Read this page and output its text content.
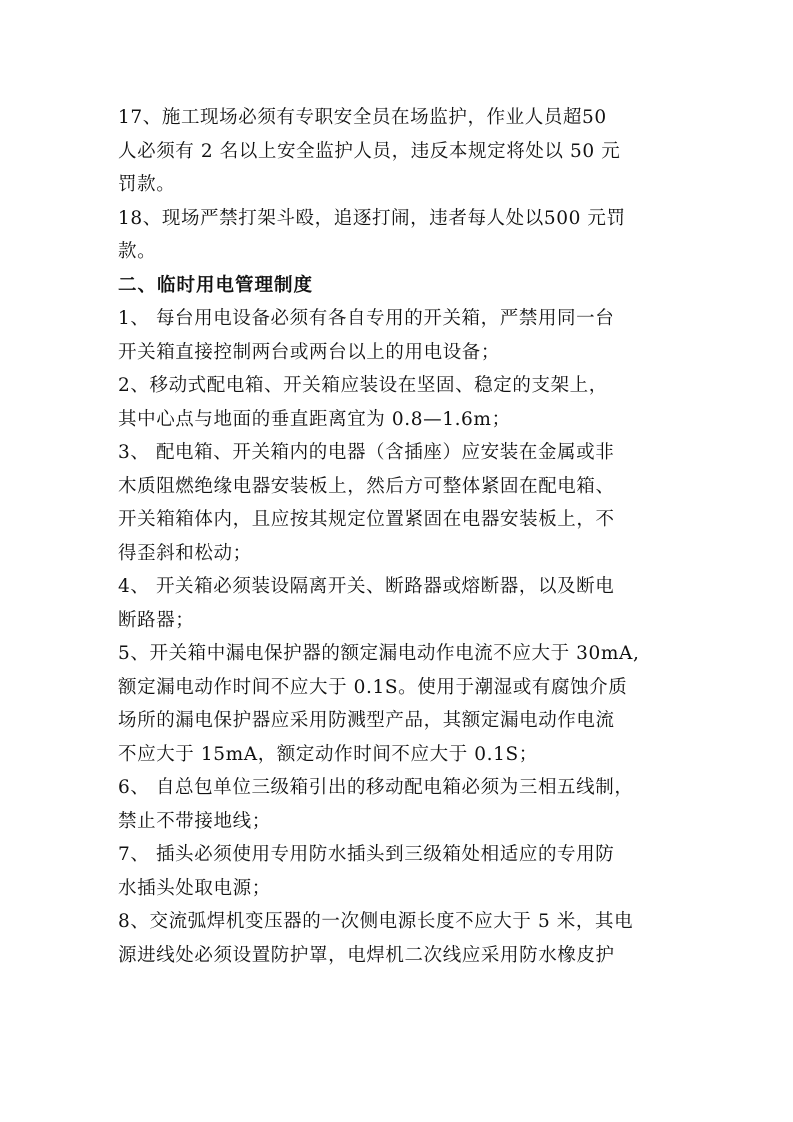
17、施工现场必须有专职安全员在场监护，作业人员超50
人必须有 2 名以上安全监护人员，违反本规定将处以 50 元
罚款。
18、现场严禁打架斗殴，追逐打闹，违者每人处以500 元罚
款。
二、临时用电管理制度
1、 每台用电设备必须有各自专用的开关箱，严禁用同一台
开关箱直接控制两台或两台以上的用电设备；
2、移动式配电箱、开关箱应装设在坚固、稳定的支架上，
其中心点与地面的垂直距离宜为 0.8—1.6m；
3、 配电箱、开关箱内的电器（含插座）应安装在金属或非
木质阻燃绝缘电器安装板上，然后方可整体紧固在配电箱、
开关箱箱体内，且应按其规定位置紧固在电器安装板上，不
得歪斜和松动；
4、 开关箱必须装设隔离开关、断路器或熔断器，以及断电
断路器；
5、开关箱中漏电保护器的额定漏电动作电流不应大于 30mA,
额定漏电动作时间不应大于 0.1S。使用于潮湿或有腐蚀介质
场所的漏电保护器应采用防溅型产品，其额定漏电动作电流
不应大于 15mA，额定动作时间不应大于 0.1S；
6、 自总包单位三级箱引出的移动配电箱必须为三相五线制，
禁止不带接地线；
7、 插头必须使用专用防水插头到三级箱处相适应的专用防
水插头处取电源；
8、交流弧焊机变压器的一次侧电源长度不应大于 5 米，其电
源进线处必须设置防护罩，电焊机二次线应采用防水橡皮护
